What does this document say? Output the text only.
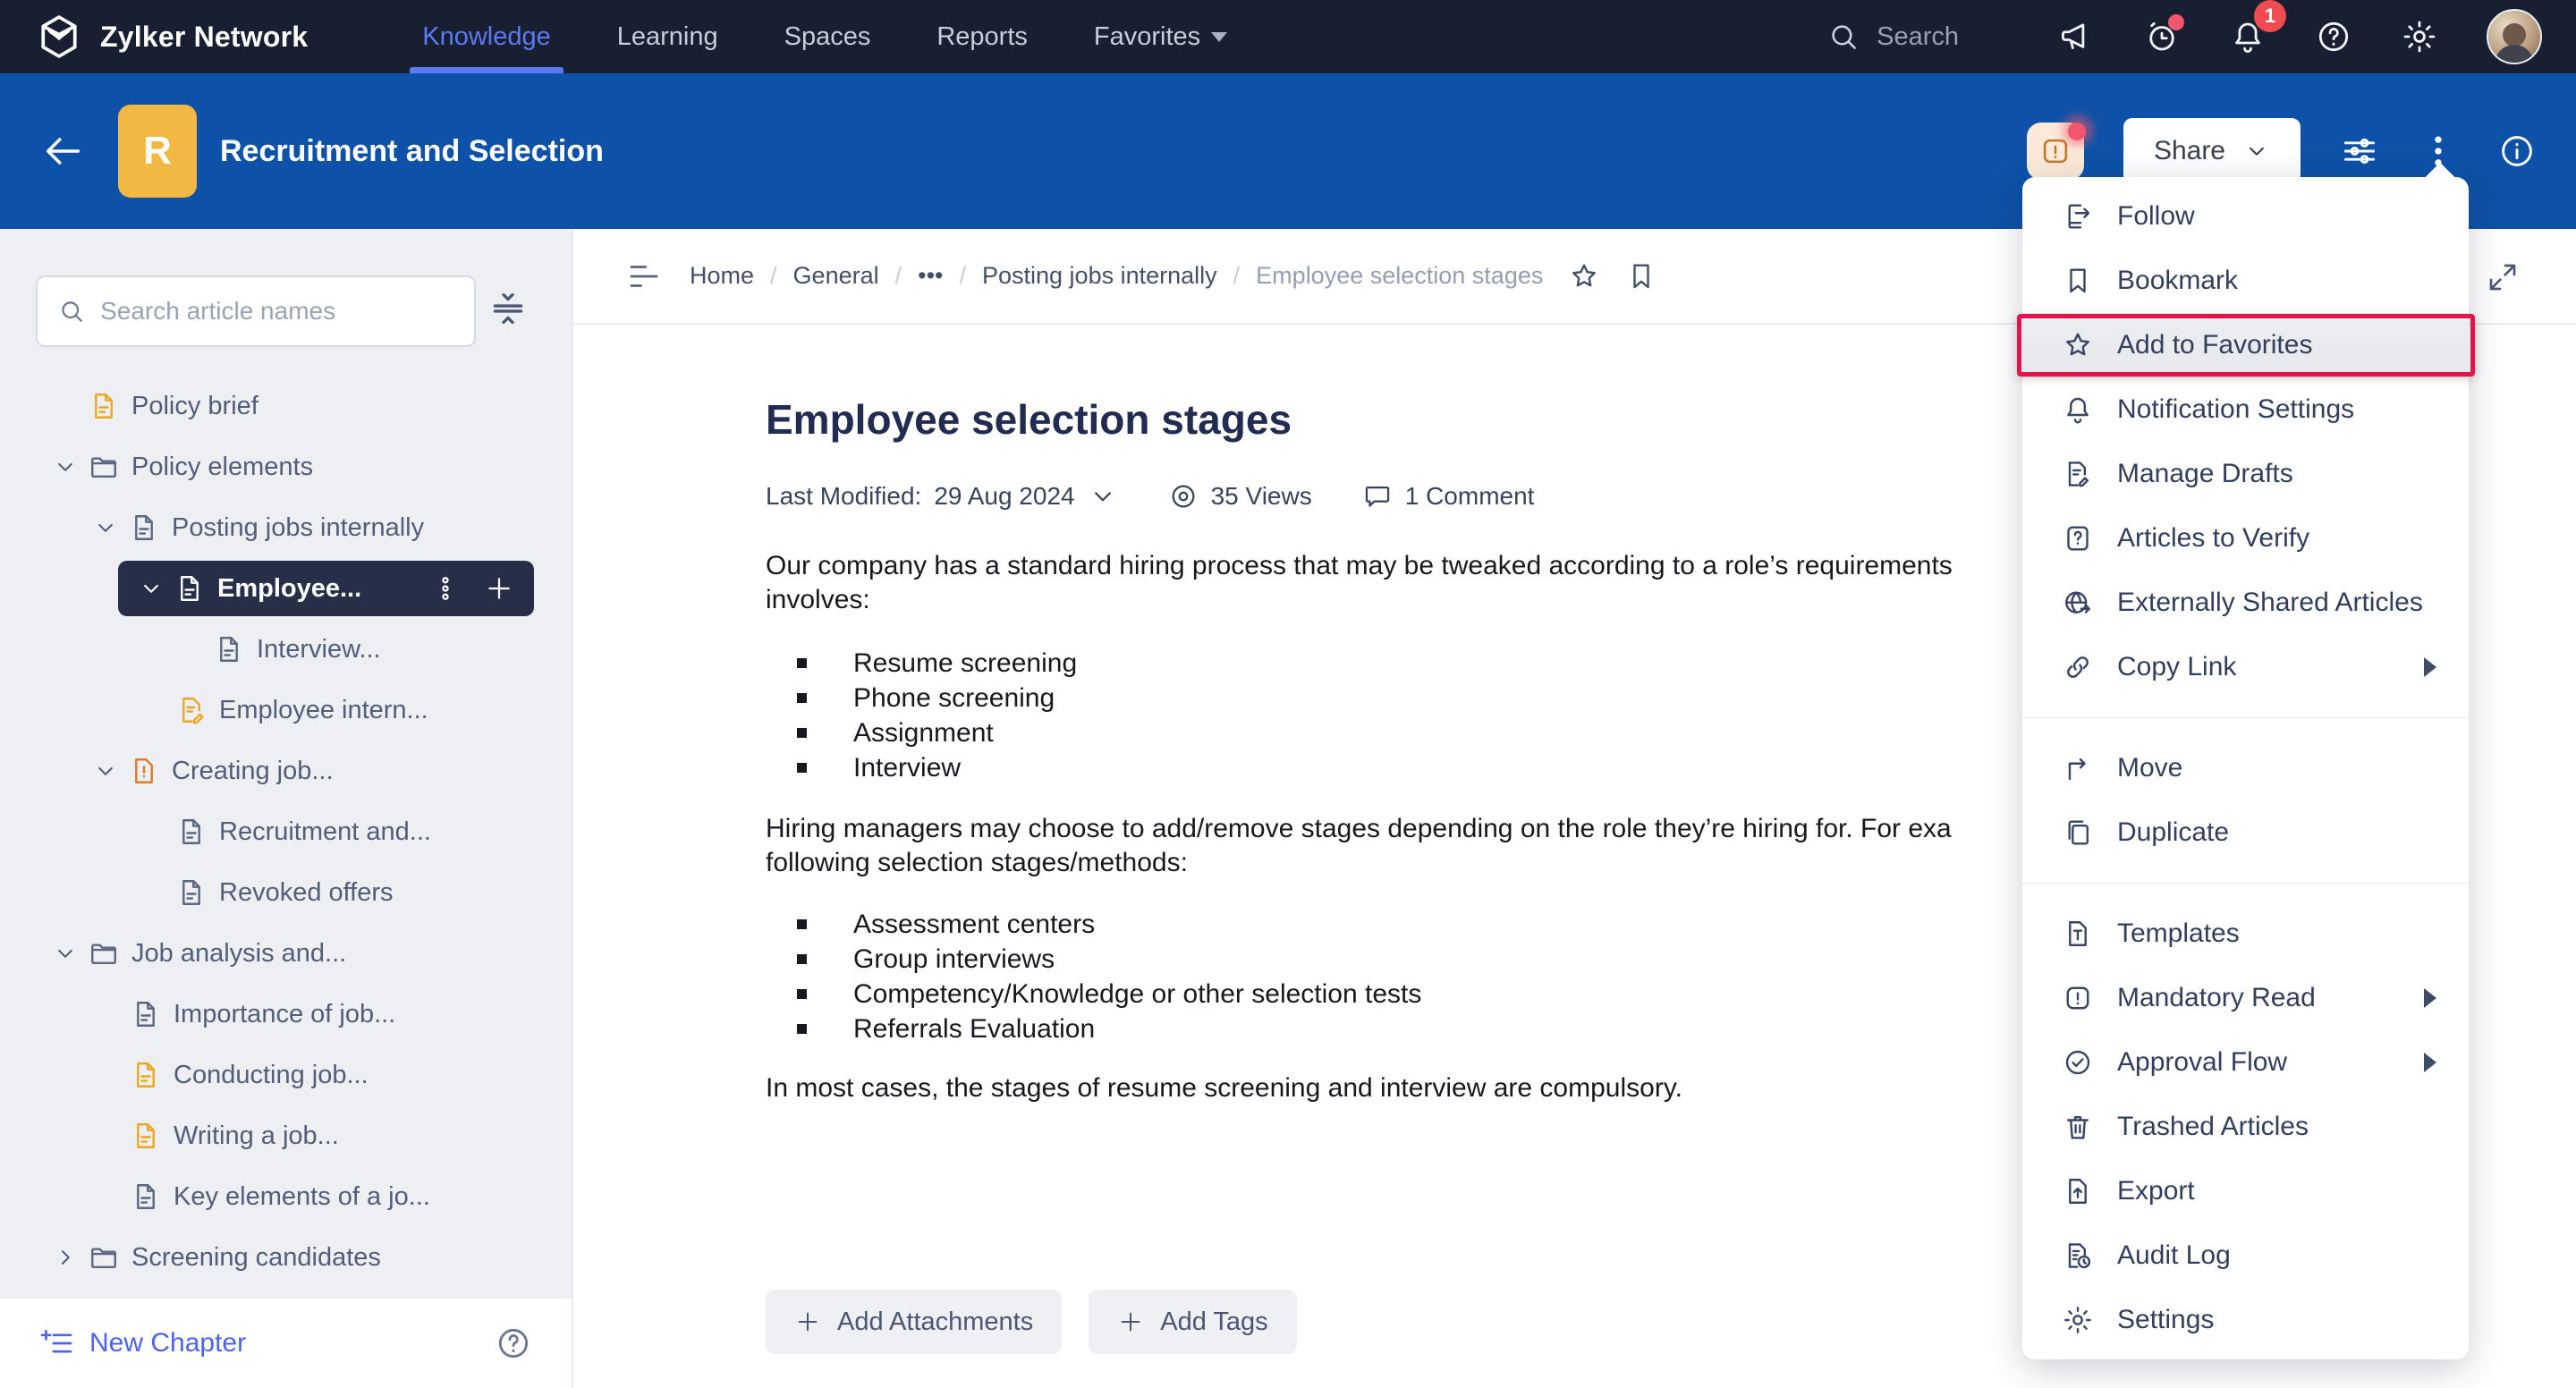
Zylker Network	Knowledge	Learning	Spaces	Reports	Favorites	Search
1
R	Recruitment and Selection	Share
Search article names
Policy brief
Policy elements
Posting jobs internally
Employee...
Interview...
Employee intern...
Creating job...
Recruitment and...
Revoked offers
Job analysis and...
Importance of job...
Conducting job...
Writing a job...
Key elements of a jo...
Screening candidates
New Chapter
Home / General / ••• / Posting jobs internally / Employee selection stages
Employee selection stages
Last Modified: 29 Aug 2024	35 Views	1 Comment

Our company has a standard hiring process that may be tweaked according to a role’s requirements
involves:

Resume screening
Phone screening
Assignment
Interview

Hiring managers may choose to add/remove stages depending on the role they’re hiring for. For exa
following selection stages/methods:

Assessment centers
Group interviews
Competency/Knowledge or other selection tests
Referrals Evaluation

In most cases, the stages of resume screening and interview are compulsory.

Add Attachments	Add Tags
Follow
Bookmark
Add to Favorites
Notification Settings
Manage Drafts
Articles to Verify
Externally Shared Articles
Copy Link
Move
Duplicate
Templates
Mandatory Read
Approval Flow
Trashed Articles
Export
Audit Log
Settings
